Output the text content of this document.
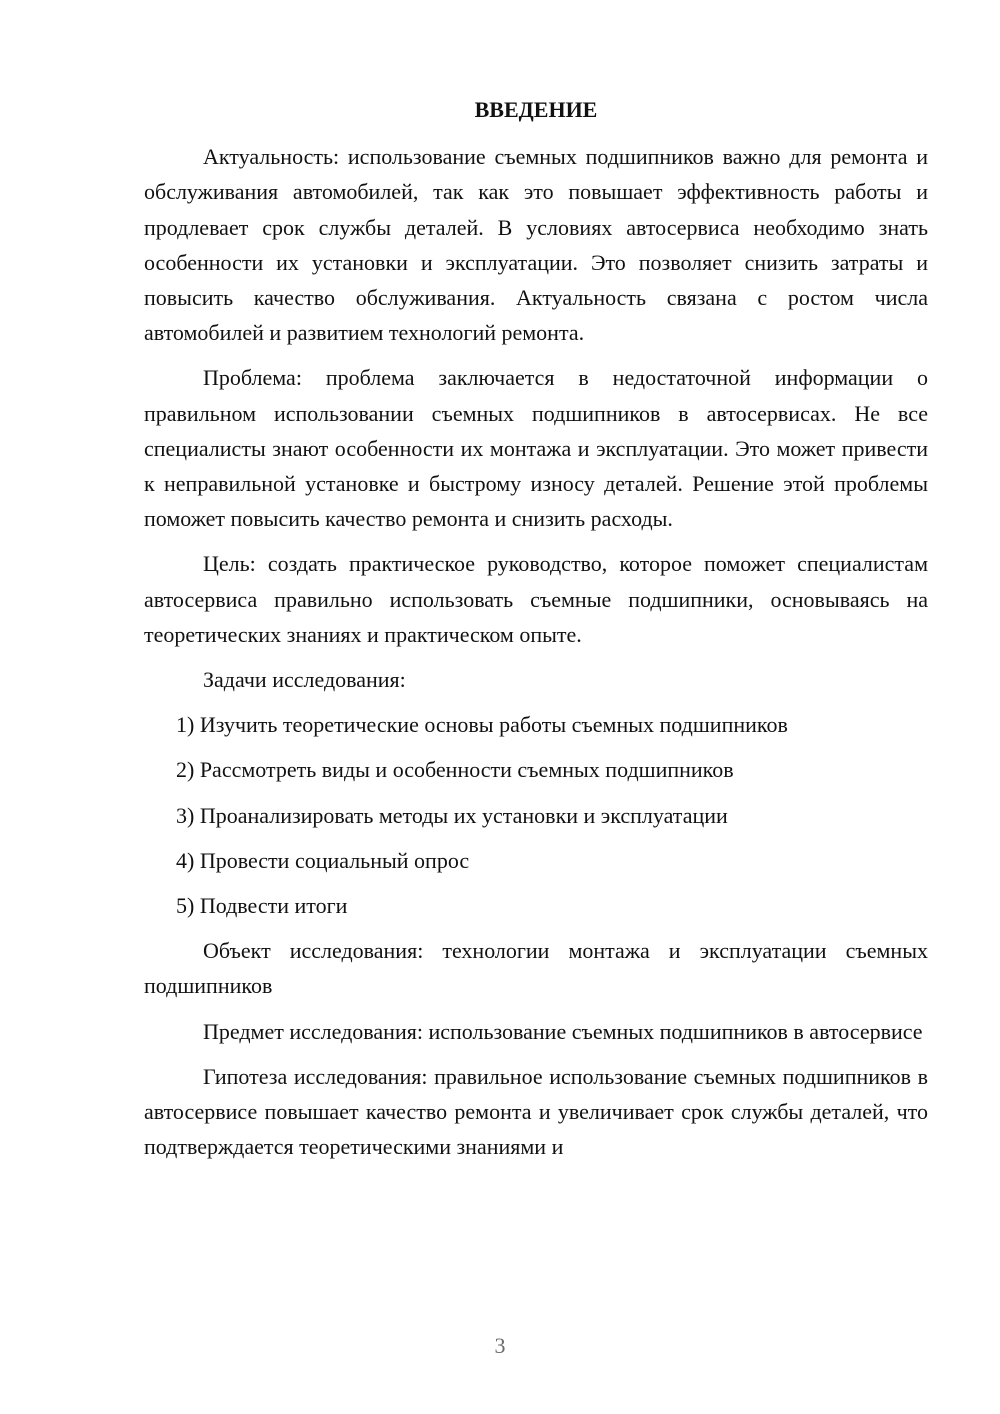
ВВЕДЕНИЕ

Актуальность: использование съемных подшипников важно для ремонта и обслуживания автомобилей, так как это повышает эффективность работы и продлевает срок службы деталей. В условиях автосервиса необходимо знать особенности их установки и эксплуатации. Это позволяет снизить затраты и повысить качество обслуживания. Актуальность связана с ростом числа автомобилей и развитием технологий ремонта.

Проблема: проблема заключается в недостаточной информации о правильном использовании съемных подшипников в автосервисах. Не все специалисты знают особенности их монтажа и эксплуатации. Это может привести к неправильной установке и быстрому износу деталей. Решение этой проблемы поможет повысить качество ремонта и снизить расходы.

Цель: создать практическое руководство, которое поможет специалистам автосервиса правильно использовать съемные подшипники, основываясь на теоретических знаниях и практическом опыте.

Задачи исследования:

1) Изучить теоретические основы работы съемных подшипников

2) Рассмотреть виды и особенности съемных подшипников

3) Проанализировать методы их установки и эксплуатации

4) Провести социальный опрос

5) Подвести итоги

Объект исследования: технологии монтажа и эксплуатации съемных подшипников

Предмет исследования: использование съемных подшипников в автосервисе

Гипотеза исследования: правильное использование съемных подшипников в автосервисе повышает качество ремонта и увеличивает срок службы деталей, что подтверждается теоретическими знаниями и

3
